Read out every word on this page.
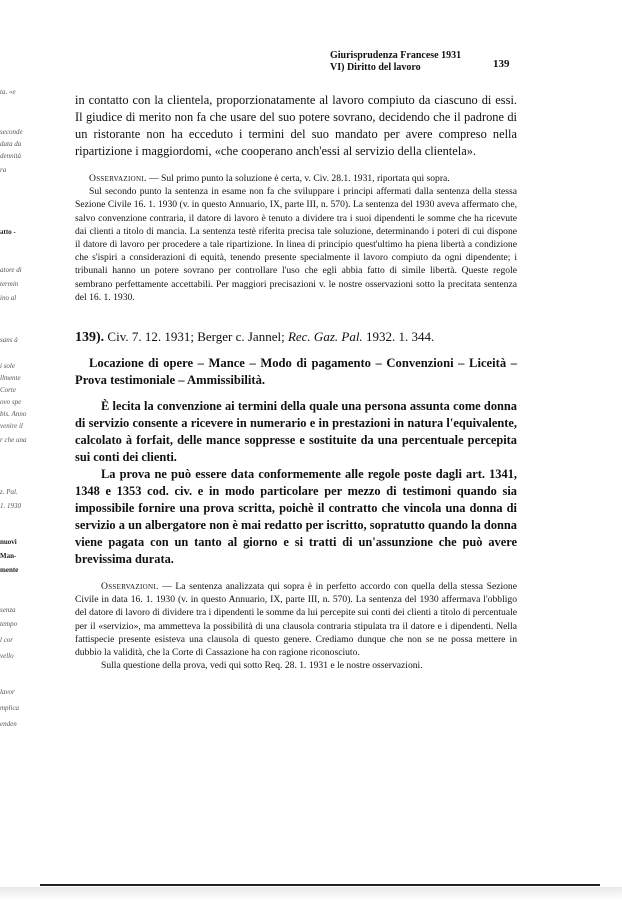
ta. «e
seconde
data da
dennità
ra
atto -
atore di
termin
ino al
sans à
i sole
llmente
Corte
ovo spe
bis. Anno
venire il
r che una
z. Pal.
1. 1930
nuovi
Man-
mente
senza
tempo
l cor
vello
lavor
mplica
enden
Giurisprudenza Francese 1931
VI) Diritto del lavoro	139

in contatto con la clientela, proporzionatamente al lavoro compiuto da ciascuno di essi. Il giudice di merito non fa che usare del suo potere sovrano, decidendo che il padrone di un ristorante non ha ecceduto i termini del suo mandato per avere compreso nella ripartizione i maggiordomi, «che cooperano anch'essi al servizio della clientela».

Osservazioni. — Sul primo punto la soluzione è certa, v. Civ. 28.1. 1931, riportata qui sopra.

Sul secondo punto la sentenza in esame non fa che sviluppare i principi affermati dalla sentenza della stessa Sezione Civile 16. 1. 1930 (v. in questo Annuario, IX, parte III, n. 570). La sentenza del 1930 aveva affermato che, salvo convenzione contraria, il datore di lavoro è tenuto a dividere tra i suoi dipendenti le somme che ha ricevute dai clienti a titolo di mancia. La sentenza testè riferita precisa tale soluzione, determinando i poteri di cui dispone il datore di lavoro per procedere a tale ripartizione. In linea di principio quest'ultimo ha piena libertà a condizione che s'ispiri a considerazioni di equità, tenendo presente specialmente il lavoro compiuto da ogni dipendente; i tribunali hanno un potere sovrano per controllare l'uso che egli abbia fatto di simile libertà. Queste regole sembrano perfettamente accettabili. Per maggiori precisazioni v. le nostre osservazioni sotto la precitata sentenza del 16. 1. 1930.

139). Civ. 7. 12. 1931; Berger c. Jannel; Rec. Gaz. Pal. 1932. 1. 344.

Locazione di opere – Mance – Modo di pagamento – Convenzioni – Liceità – Prova testimoniale – Ammissibilità.

È lecita la convenzione ai termini della quale una persona assunta come donna di servizio consente a ricevere in numerario e in prestazioni in natura l'equivalente, calcolato à forfait, delle mance soppresse e sostituite da una percentuale percepita sui conti dei clienti.

La prova ne può essere data conformemente alle regole poste dagli art. 1341, 1348 e 1353 cod. civ. e in modo particolare per mezzo di testimoni quando sia impossibile fornire una prova scritta, poichè il contratto che vincola una donna di servizio a un albergatore non è mai redatto per iscritto, sopratutto quando la donna viene pagata con un tanto al giorno e si tratti di un'assunzione che può avere brevissima durata.

Osservazioni. — La sentenza analizzata qui sopra è in perfetto accordo con quella della stessa Sezione Civile in data 16. 1. 1930 (v. in questo Annuario, IX, parte III, n. 570). La sentenza del 1930 affermava l'obbligo del datore di lavoro di dividere tra i dipendenti le somme da lui percepite sui conti dei clienti a titolo di percentuale per il «servizio», ma ammetteva la possibilità di una clausola contraria stipulata tra il datore e i dipendenti. Nella fattispecie presente esisteva una clausola di questo genere. Crediamo dunque che non se ne possa mettere in dubbio la validità, che la Corte di Cassazione ha con ragione riconosciuto.

Sulla questione della prova, vedi qui sotto Req. 28. 1. 1931 e le nostre osservazioni.
